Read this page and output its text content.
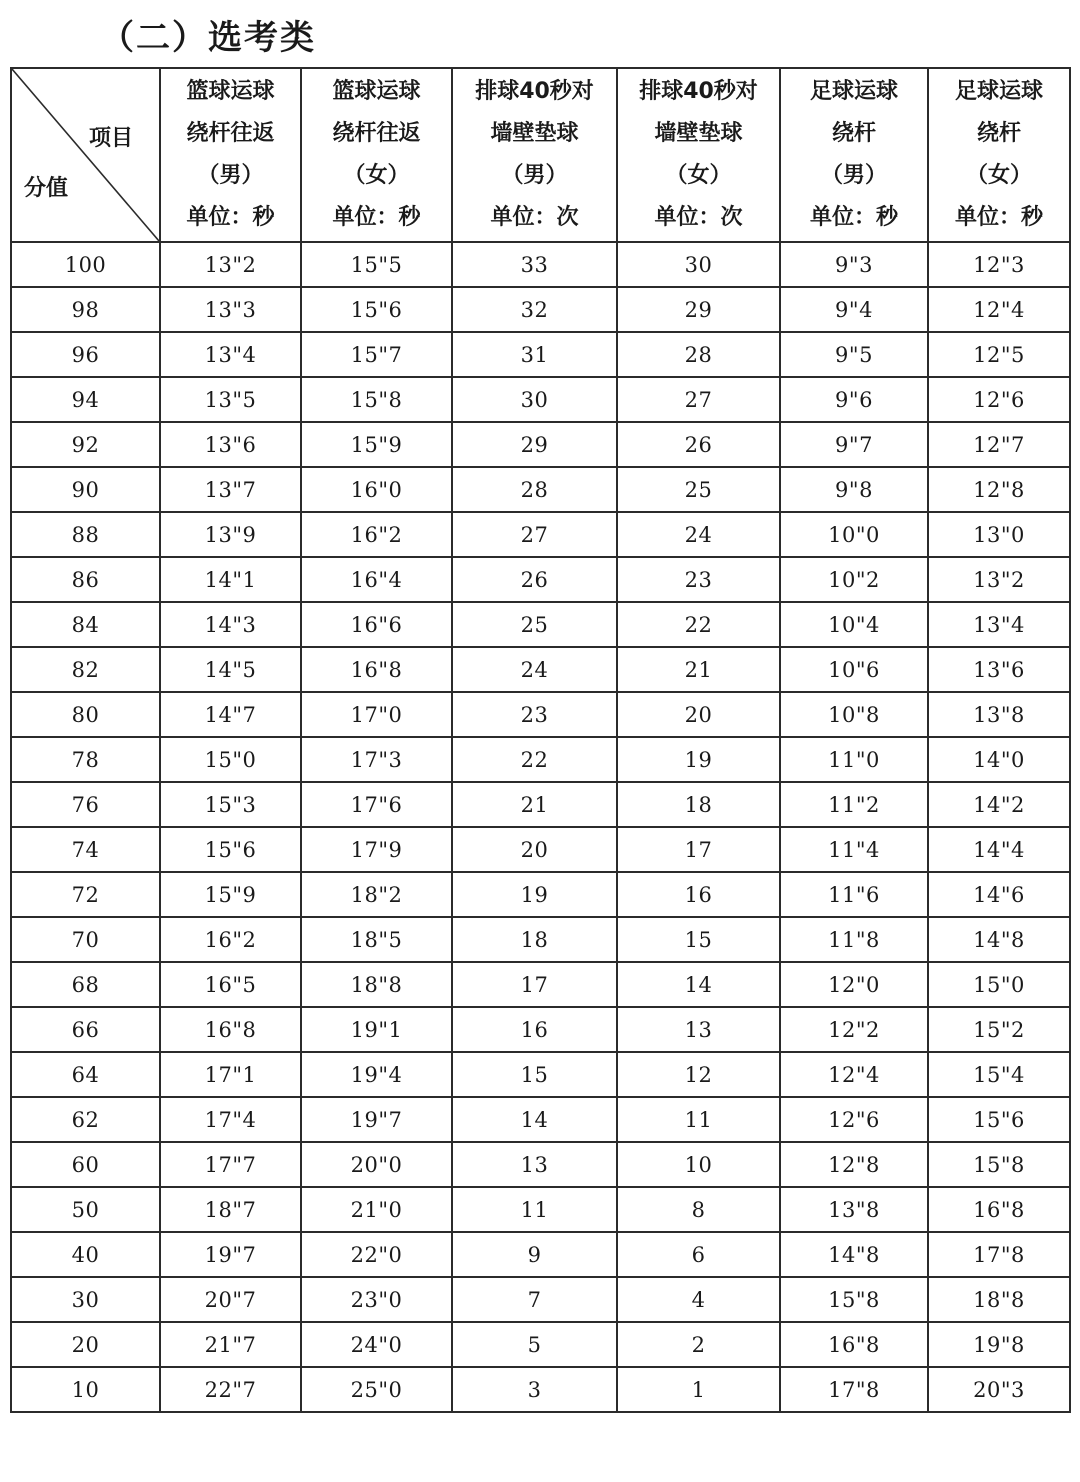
（二）选考类
项目
分值	篮球运球
绕杆往返
（男）
单位：秒	篮球运球
绕杆往返
（女）
单位：秒	排球40秒对
墙壁垫球
（男）
单位：次	排球40秒对
墙壁垫球
（女）
单位：次	足球运球
绕杆
（男）
单位：秒	足球运球
绕杆
（女）
单位：秒

100	13"2	15"5	33	30	9"3	12"3
98	13"3	15"6	32	29	9"4	12"4
96	13"4	15"7	31	28	9"5	12"5
94	13"5	15"8	30	27	9"6	12"6
92	13"6	15"9	29	26	9"7	12"7
90	13"7	16"0	28	25	9"8	12"8
88	13"9	16"2	27	24	10"0	13"0
86	14"1	16"4	26	23	10"2	13"2
84	14"3	16"6	25	22	10"4	13"4
82	14"5	16"8	24	21	10"6	13"6
80	14"7	17"0	23	20	10"8	13"8
78	15"0	17"3	22	19	11"0	14"0
76	15"3	17"6	21	18	11"2	14"2
74	15"6	17"9	20	17	11"4	14"4
72	15"9	18"2	19	16	11"6	14"6
70	16"2	18"5	18	15	11"8	14"8
68	16"5	18"8	17	14	12"0	15"0
66	16"8	19"1	16	13	12"2	15"2
64	17"1	19"4	15	12	12"4	15"4
62	17"4	19"7	14	11	12"6	15"6
60	17"7	20"0	13	10	12"8	15"8
50	18"7	21"0	11	8	13"8	16"8
40	19"7	22"0	9	6	14"8	17"8
30	20"7	23"0	7	4	15"8	18"8
20	21"7	24"0	5	2	16"8	19"8
10	22"7	25"0	3	1	17"8	20"3
